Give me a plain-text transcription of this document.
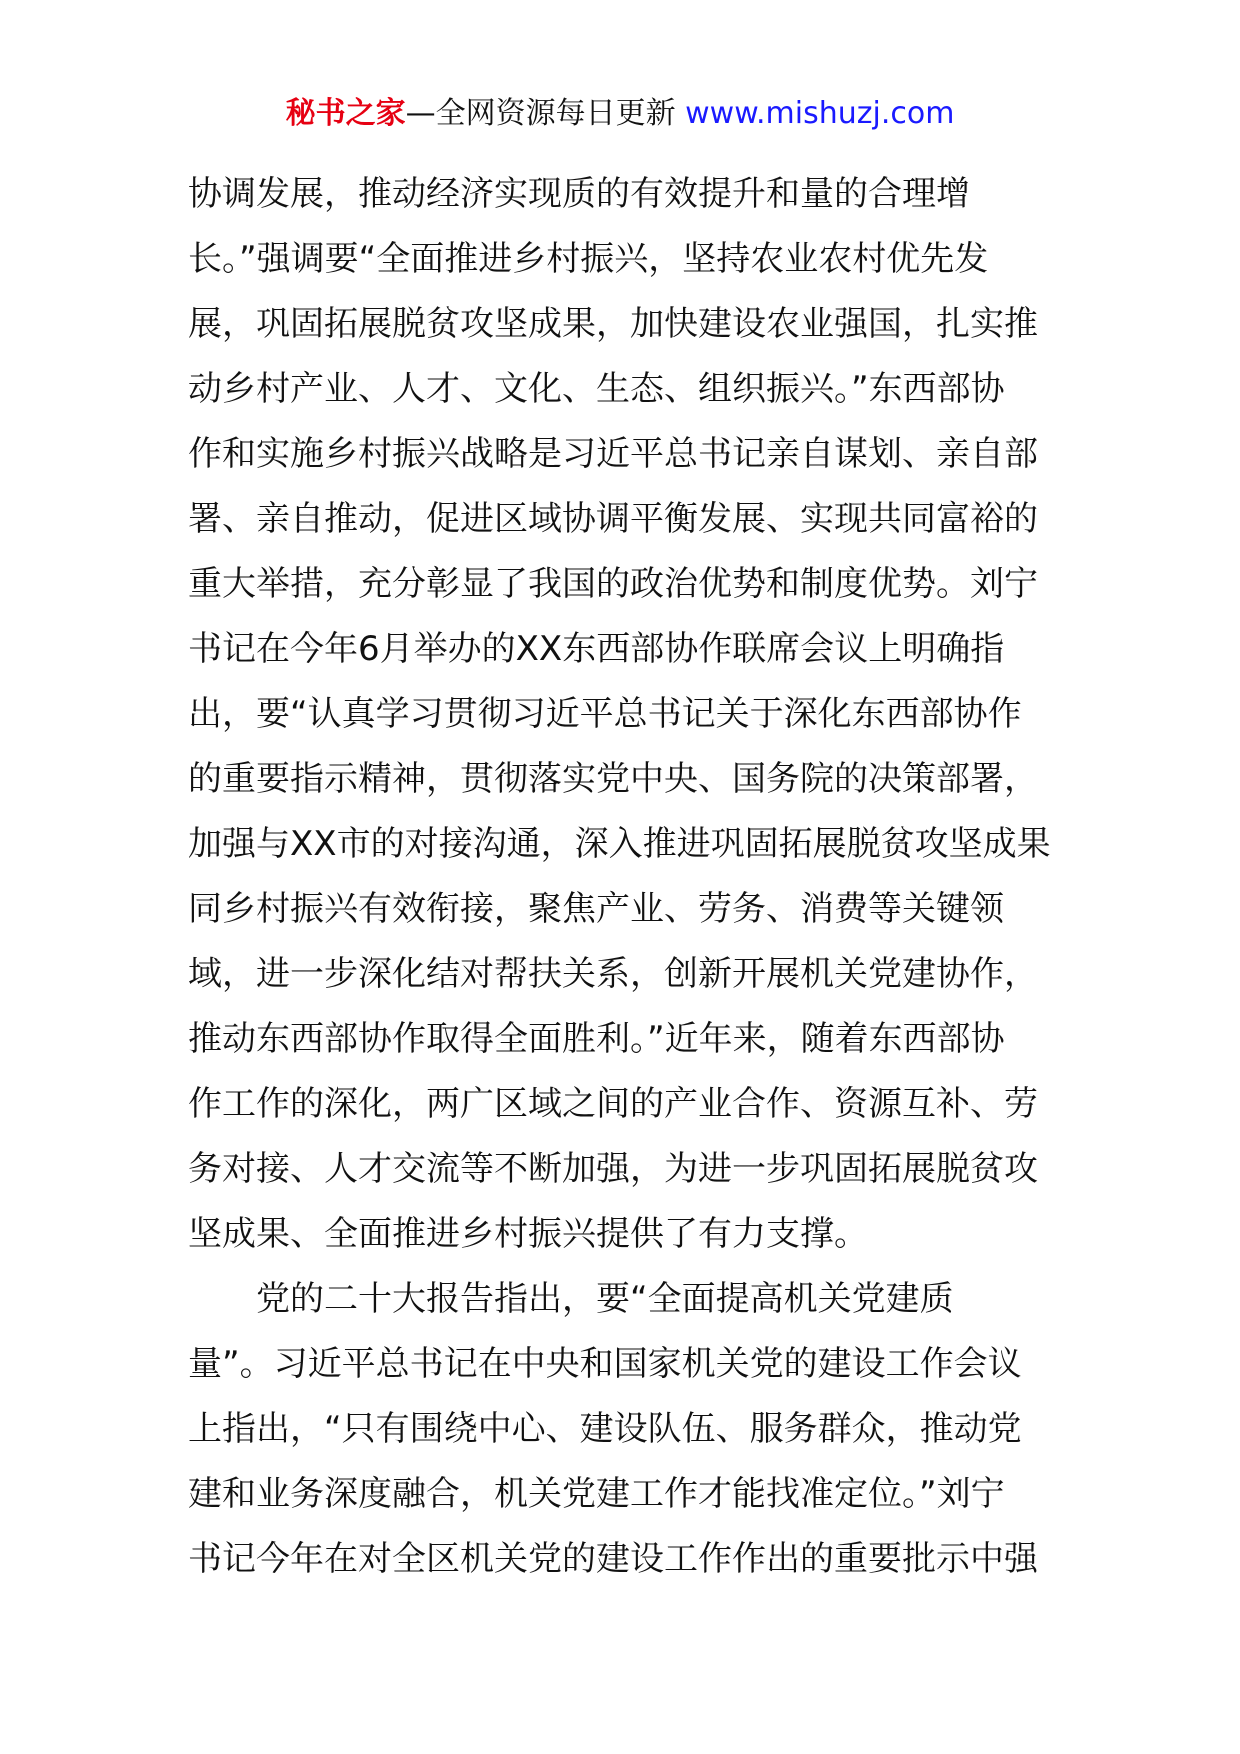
秘书之家—全网资源每日更新 www.mishuzj.com
协调发展，推动经济实现质的有效提升和量的合理增
长。”强调要“全面推进乡村振兴，坚持农业农村优先发
展，巩固拓展脱贫攻坚成果，加快建设农业强国，扎实推
动乡村产业、人才、文化、生态、组织振兴。”东西部协
作和实施乡村振兴战略是习近平总书记亲自谋划、亲自部
署、亲自推动，促进区域协调平衡发展、实现共同富裕的
重大举措，充分彰显了我国的政治优势和制度优势。刘宁
书记在今年6月举办的XX东西部协作联席会议上明确指
出，要“认真学习贯彻习近平总书记关于深化东西部协作
的重要指示精神，贯彻落实党中央、国务院的决策部署，
加强与XX市的对接沟通，深入推进巩固拓展脱贫攻坚成果
同乡村振兴有效衔接，聚焦产业、劳务、消费等关键领
域，进一步深化结对帮扶关系，创新开展机关党建协作，
推动东西部协作取得全面胜利。”近年来，随着东西部协
作工作的深化，两广区域之间的产业合作、资源互补、劳
务对接、人才交流等不断加强，为进一步巩固拓展脱贫攻
坚成果、全面推进乡村振兴提供了有力支撑。
党的二十大报告指出，要“全面提高机关党建质
量”。习近平总书记在中央和国家机关党的建设工作会议
上指出，“只有围绕中心、建设队伍、服务群众，推动党
建和业务深度融合，机关党建工作才能找准定位。”刘宁
书记今年在对全区机关党的建设工作作出的重要批示中强
